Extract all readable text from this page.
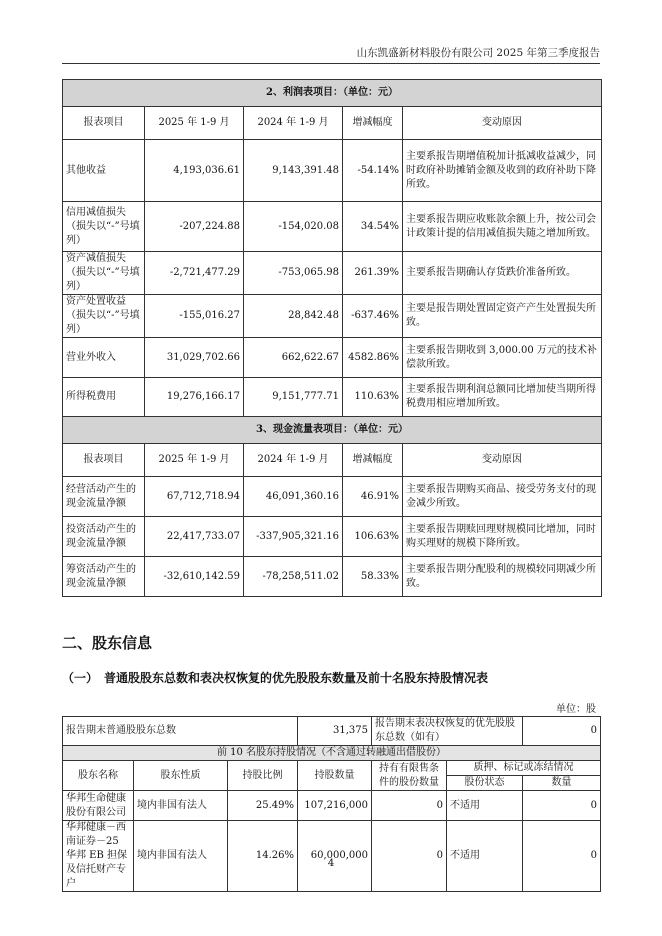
山东凯盛新材料股份有限公司 2025 年第三季度报告
2、利润表项目：（单位：元）				
报表项目	2025 年 1-9 月	2024 年 1-9 月	增减幅度	变动原因
其他收益	4,193,036.61	9,143,391.48	-54.14%	主要系报告期增值税加计抵减收益减少，同时政府补助摊销金额及收到的政府补助下降所致。
信用减值损失（损失以“-”号填列）	-207,224.88	-154,020.08	34.54%	主要系报告期应收账款余额上升，按公司会计政策计提的信用减值损失随之增加所致。
资产减值损失（损失以“-”号填列）	-2,721,477.29	-753,065.98	261.39%	主要系报告期确认存货跌价准备所致。
资产处置收益（损失以“-”号填列）	-155,016.27	28,842.48	-637.46%	主要是报告期处置固定资产产生处置损失所致。
营业外收入	31,029,702.66	662,622.67	4582.86%	主要系报告期收到 3,000.00 万元的技术补偿款所致。
所得税费用	19,276,166.17	9,151,777.71	110.63%	主要系报告期利润总额同比增加使当期所得税费用相应增加所致。
3、现金流量表项目：（单位：元）				
报表项目	2025 年 1-9 月	2024 年 1-9 月	增减幅度	变动原因
经营活动产生的现金流量净额	67,712,718.94	46,091,360.16	46.91%	主要系报告期购买商品、接受劳务支付的现金减少所致。
投资活动产生的现金流量净额	22,417,733.07	-337,905,321.16	106.63%	主要系报告期赎回理财规模同比增加，同时购买理财的规模下降所致。
筹资活动产生的现金流量净额	-32,610,142.59	-78,258,511.02	58.33%	主要系报告期分配股利的规模较同期减少所致。
二、股东信息
（一）　普通股股东总数和表决权恢复的优先股股东数量及前十名股东持股情况表
单位：股
报告期末普通股股东总数			31,375	报告期末表决权恢复的优先股股东总数（如有）		0
前 10 名股东持股情况（不含通过转融通出借股份）						
股东名称	股东性质	持股比例	持股数量	持有有限售条件的股份数量	质押、标记或冻结情况	
					股份状态	数量
华邦生命健康股份有限公司	境内非国有法人	25.49%	107,216,000	0	不适用	0
华邦健康－西南证券－25 华邦 EB 担保及信托财产专户	境内非国有法人	14.26%	60,000,000	0	不适用	0
4
